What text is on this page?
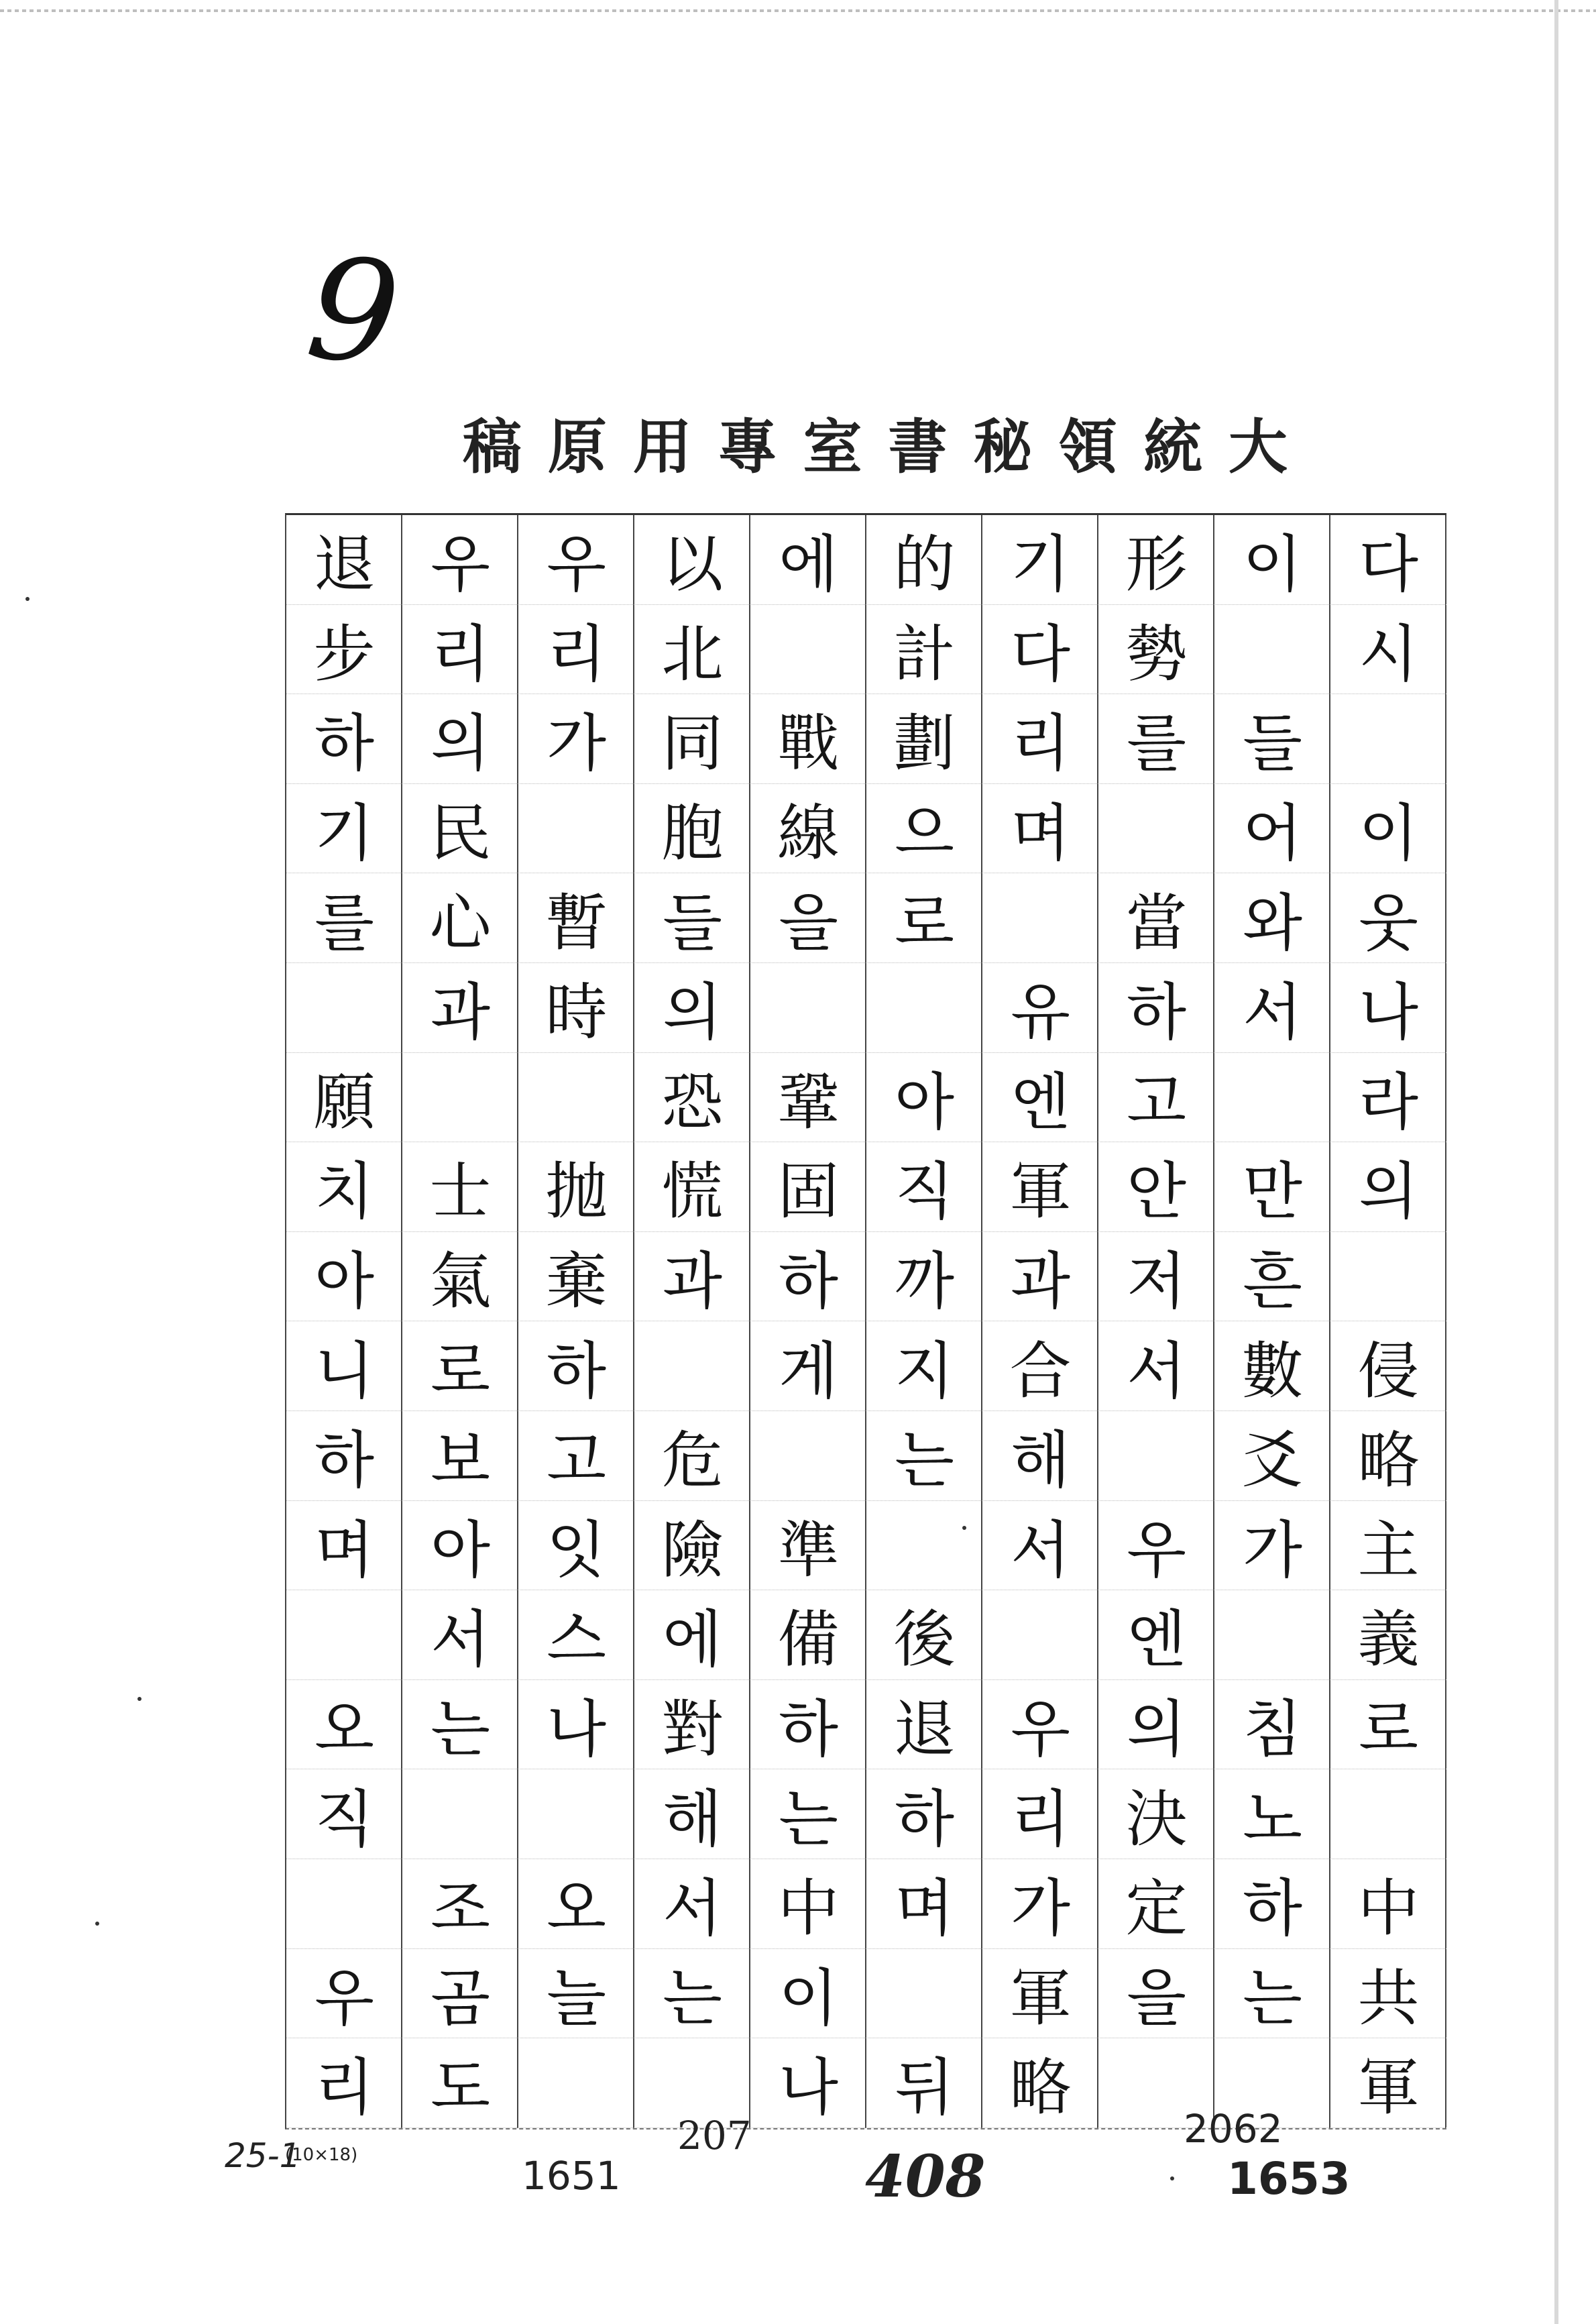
9
稿 原 用 專 室 書 秘 領 統 大
다
시
이
웃
나
라
의
侵
略
主
義
로
中
共
軍
이
들
어
와
서
만
흔
數
爻
가
침
노
하
는
形
勢
를
當
하
고
안
저
서
우
엔
의
決
定
을
기
다
리
며
유
엔
軍
과
合
해
서
우
리
가
軍
略
的
計
劃
으
로
아
직
까
지
는
後
退
하
며
뒤
에
戰
線
을
鞏
固
하
게
準
備
하
는
中
이
나
以
北
同
胞
들
의
恐
慌
과
危
險
에
對
해
서
는
우
리
가
暫
時
抛
棄
하
고
잇
스
나
오
늘
우
리
의
民
心
과
士
氣
로
보
아
서
는
조
곰
도
退
步
하
기
를
願
치
아
니
하
며
오
직
우
리
25-1
(10×18)	1651
207
408
2062
1653
